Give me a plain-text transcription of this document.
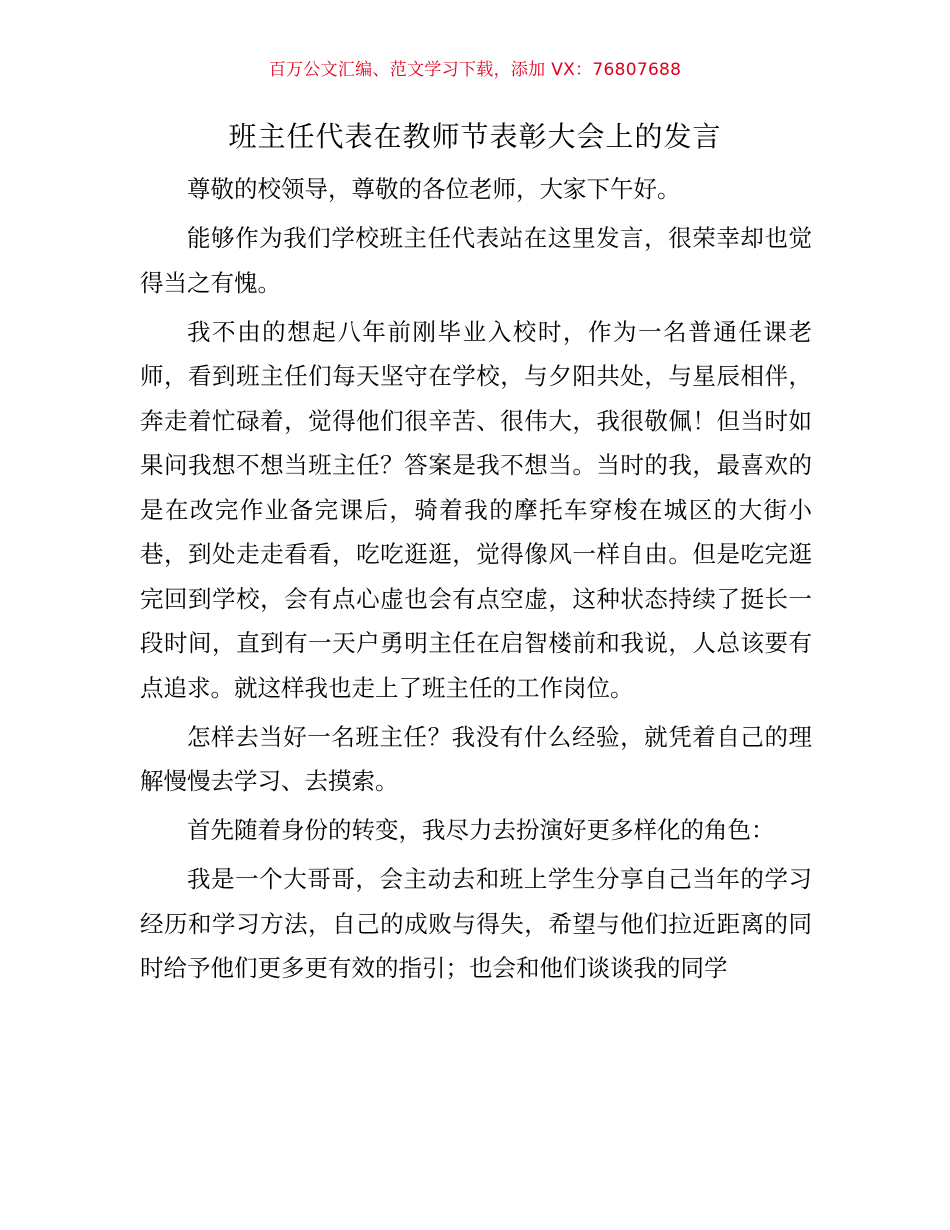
百万公文汇编、范文学习下载，添加 VX：76807688
班主任代表在教师节表彰大会上的发言

尊敬的校领导，尊敬的各位老师，大家下午好。

能够作为我们学校班主任代表站在这里发言，很荣幸却也觉得当之有愧。

我不由的想起八年前刚毕业入校时，作为一名普通任课老师，看到班主任们每天坚守在学校，与夕阳共处，与星辰相伴，奔走着忙碌着，觉得他们很辛苦、很伟大，我很敬佩！但当时如果问我想不想当班主任？答案是我不想当。当时的我，最喜欢的是在改完作业备完课后，骑着我的摩托车穿梭在城区的大街小巷，到处走走看看，吃吃逛逛，觉得像风一样自由。但是吃完逛完回到学校，会有点心虚也会有点空虚，这种状态持续了挺长一段时间，直到有一天户勇明主任在启智楼前和我说，人总该要有点追求。就这样我也走上了班主任的工作岗位。

怎样去当好一名班主任？我没有什么经验，就凭着自己的理解慢慢去学习、去摸索。

首先随着身份的转变，我尽力去扮演好更多样化的角色：

我是一个大哥哥，会主动去和班上学生分享自己当年的学习经历和学习方法，自己的成败与得失，希望与他们拉近距离的同时给予他们更多更有效的指引；也会和他们谈谈我的同学
